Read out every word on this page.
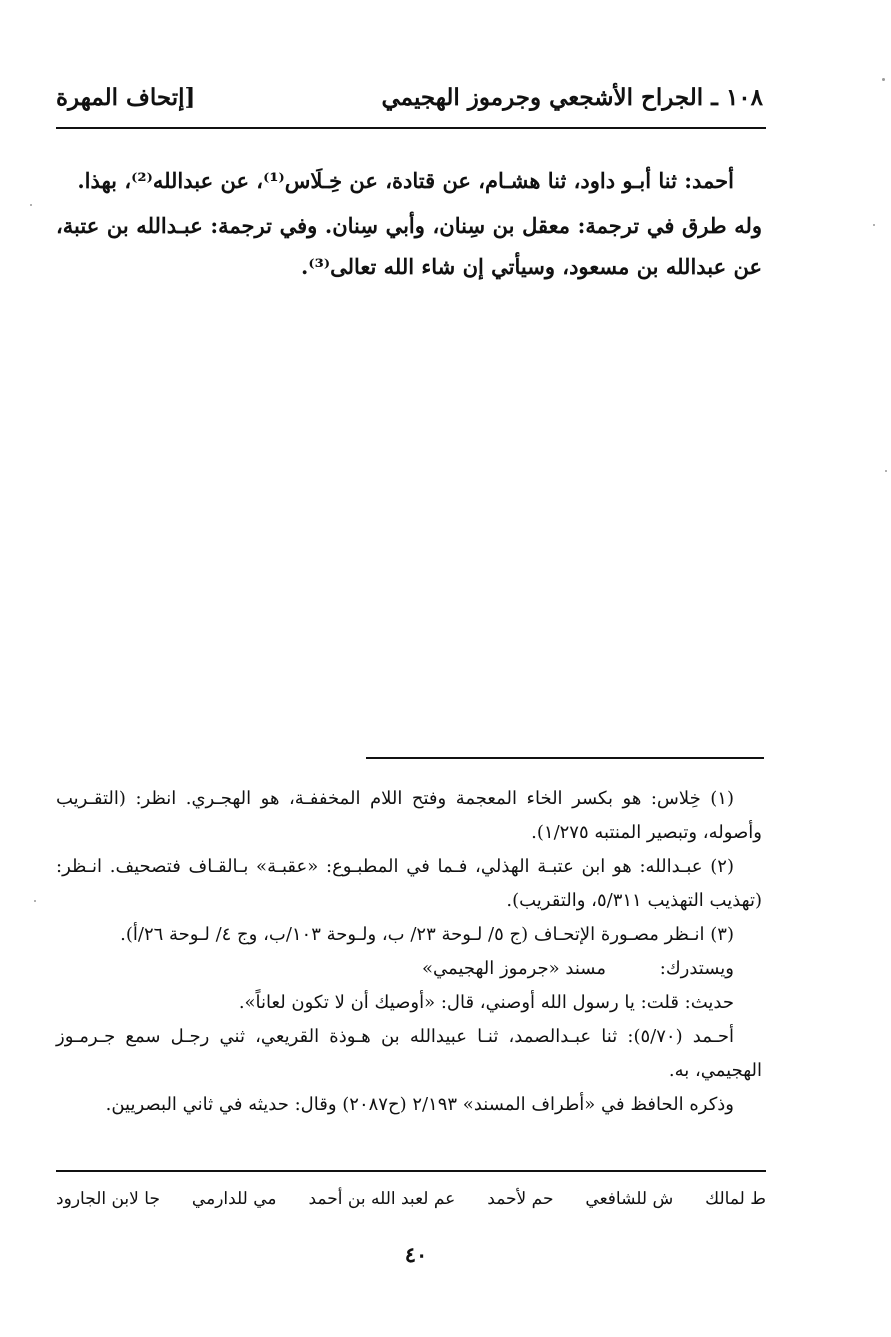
١٠٨ ـ الجراح الأشجعي وجرموز الهجيمي
[إتحاف المهرة

أحمد: ثنا أبـو داود، ثنا هشـام، عن قتادة، عن خِـلَاس⁽¹⁾، عن عبدالله⁽²⁾، بهذا.

وله طرق في ترجمة: معقل بن سِنان، وأبي سِنان. وفي ترجمة: عبـدالله بن عتبة، عن عبدالله بن مسعود، وسيأتي إن شاء الله تعالى⁽³⁾.

(١) خِلاس: هو بكسر الخاء المعجمة وفتح اللام المخففـة، هو الهجـري. انظر: (التقـريب وأصوله، وتبصير المنتبه ١/٢٧٥).

(٢) عبـدالله: هو ابن عتبـة الهذلي، فـما في المطبـوع: «عقبـة» بـالقـاف فتصحيف. انـظر: (تهذيب التهذيب ٥/٣١١، والتقريب).

(٣) انـظر مصـورة الإتحـاف (ج ٥/ لـوحة ٢٣/ ب، ولـوحة ١٠٣/ب، وج ٤/ لـوحة ٢٦/أ).

ويستدرك:مسند «جرموز الهجيمي»

حديث: قلت: يا رسول الله أوصني، قال: «أوصيك أن لا تكون لعاناً».

أحـمد (٥/٧٠): ثنا عبـدالصمد، ثنـا عبيدالله بن هـوذة القريعي، ثني رجـل سمع جـرمـوز الهجيمي، به.

وذكره الحافظ في «أطراف المسند» ٢/١٩٣ (ح٢٠٨٧) وقال: حديثه في ثاني البصريين.

ط لمالك
ش للشافعي
حم لأحمد
عم لعبد الله بن أحمد
مي للدارمي
جا لابن الجارود
٤٠
